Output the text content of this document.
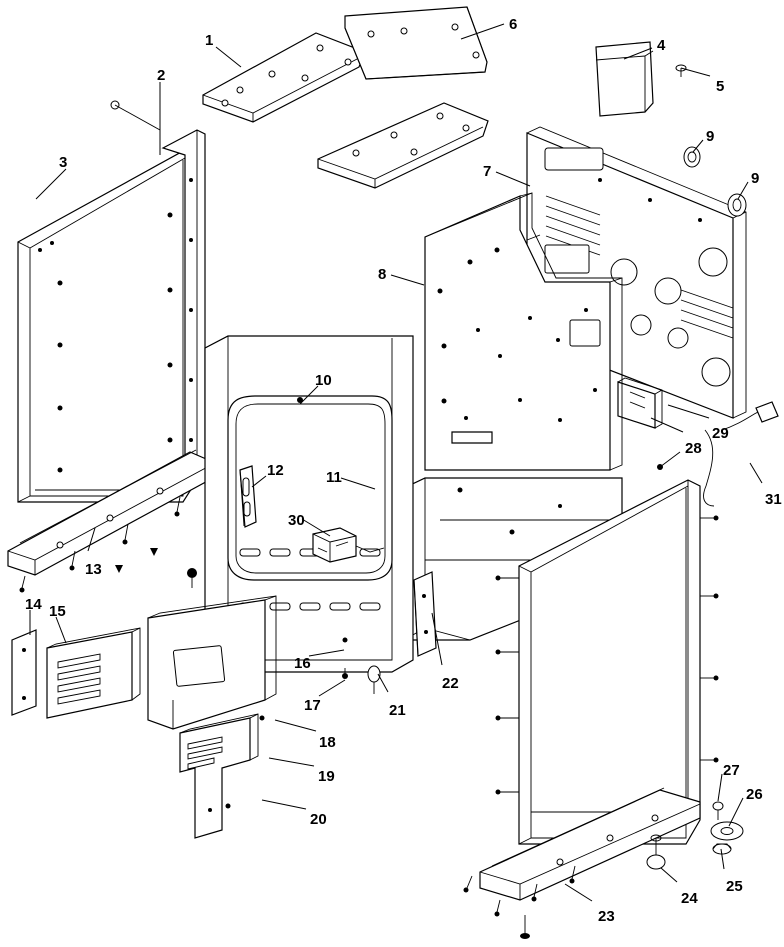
1
2
3
4
5
6
7
8
9
9
10
11
12
13
14 15
16
17
18
19
20
21
22
23
24
25
26
27
28
29
30
31
